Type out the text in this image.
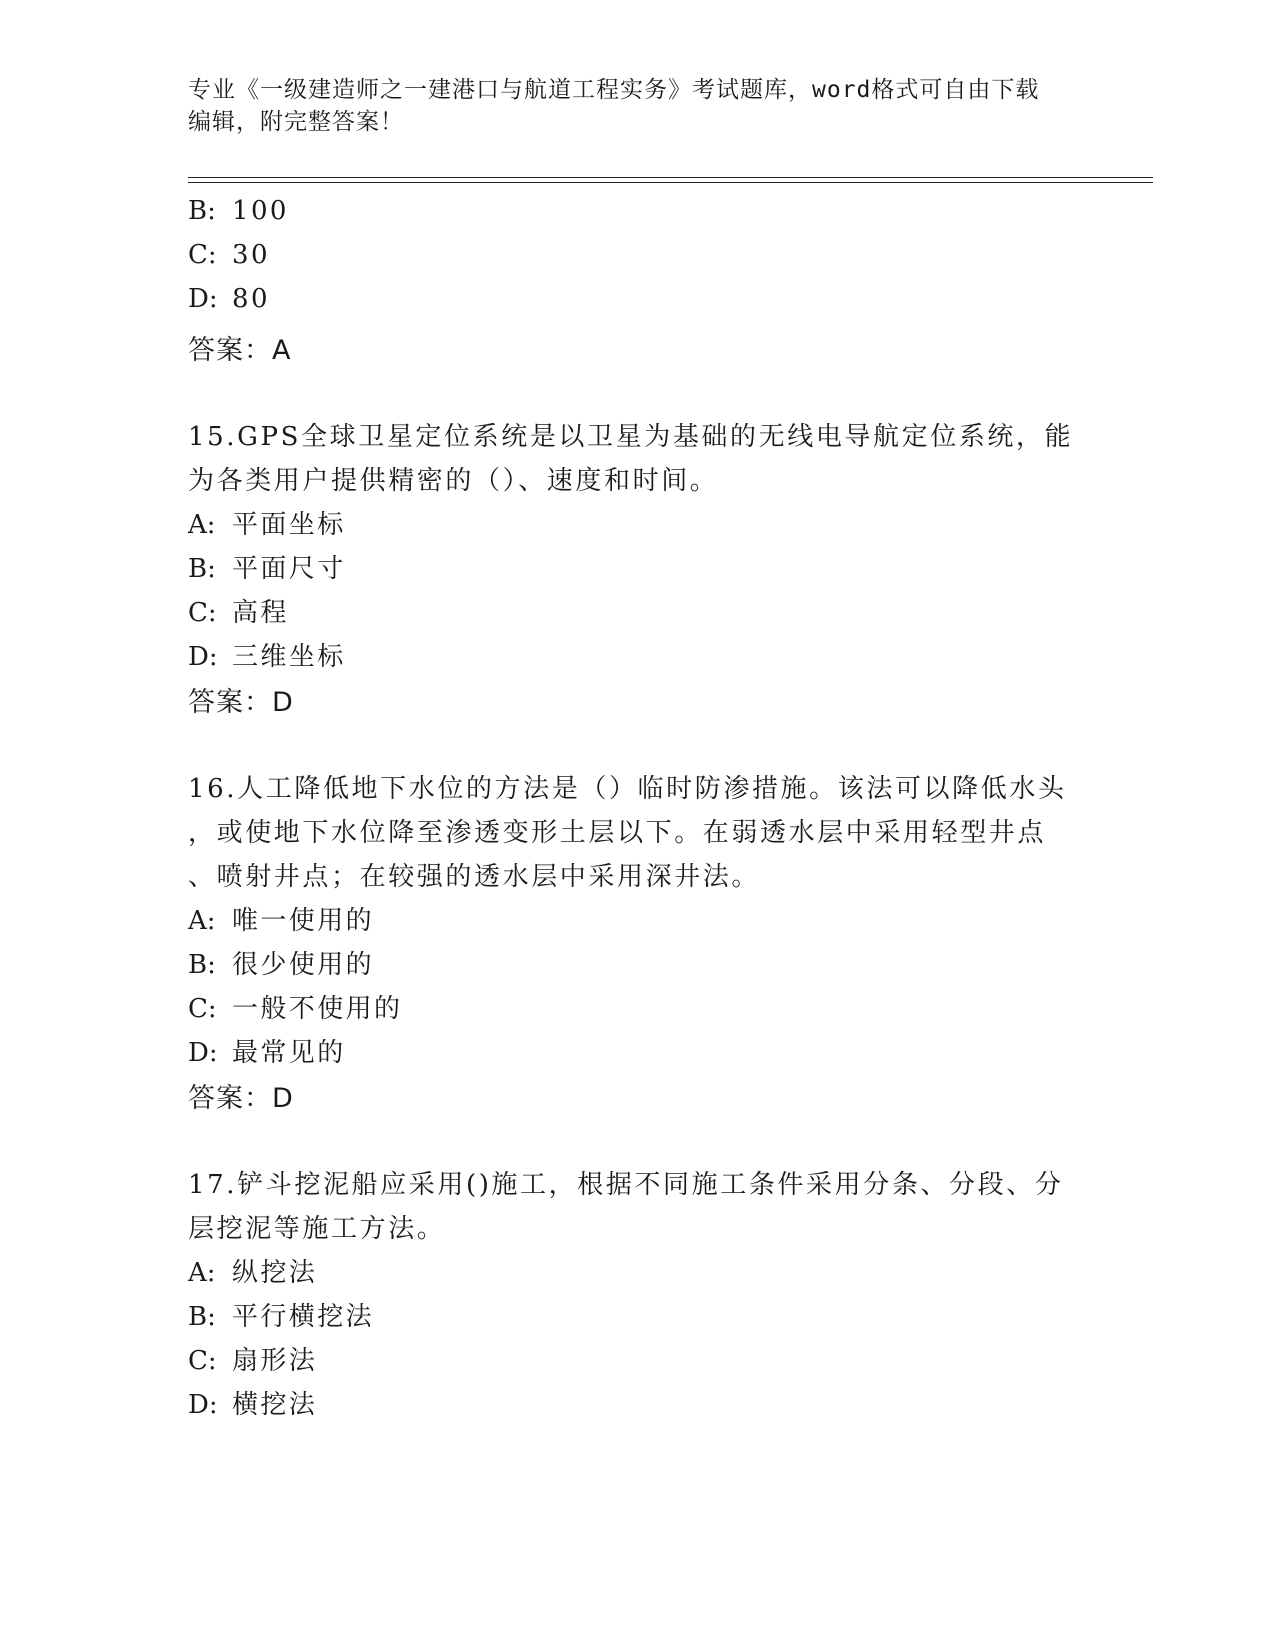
专业《一级建造师之一建港口与航道工程实务》考试题库，word格式可自由下载
编辑，附完整答案！
B: 100
C: 30
D: 80
答案：A
15.GPS全球卫星定位系统是以卫星为基础的无线电导航定位系统，能
为各类用户提供精密的（）、速度和时间。
A: 平面坐标
B: 平面尺寸
C: 高程
D: 三维坐标
答案：D
16.人工降低地下水位的方法是（）临时防渗措施。该法可以降低水头
，或使地下水位降至渗透变形土层以下。在弱透水层中采用轻型井点
、喷射井点；在较强的透水层中采用深井法。
A: 唯一使用的
B: 很少使用的
C: 一般不使用的
D: 最常见的
答案：D
17.铲斗挖泥船应采用()施工，根据不同施工条件采用分条、分段、分
层挖泥等施工方法。
A: 纵挖法
B: 平行横挖法
C: 扇形法
D: 横挖法
